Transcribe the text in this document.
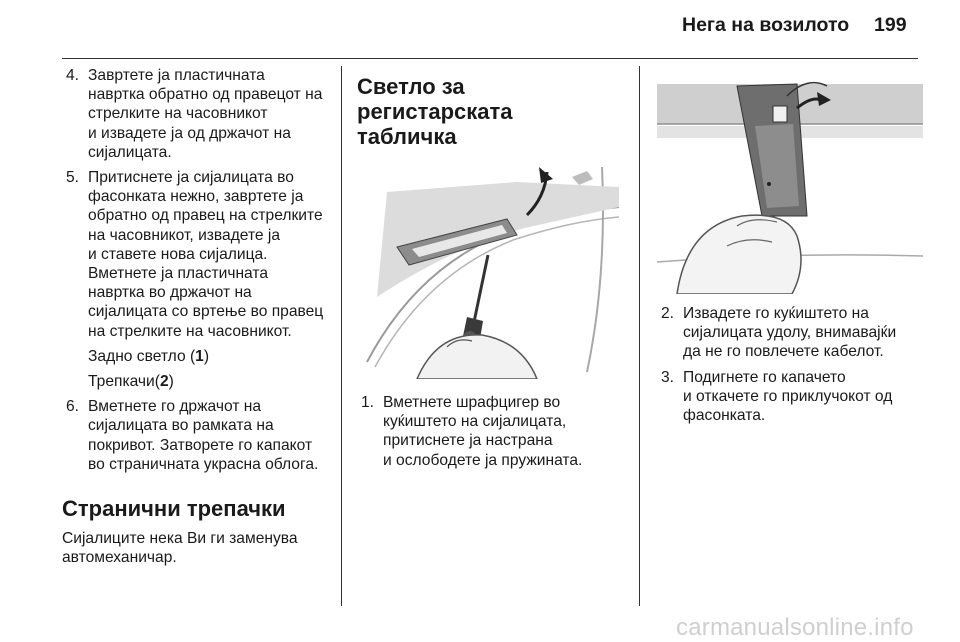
Нега на возилото 199
4. Завртете ја пластичната
наврткa обратно од правецот на
стрелките на часовникот
и извадете ја од држачот на
сијалицата.
5. Притиснете ја сијалицата во
фасонката нежно, завртете ја
обратно од правец на стрелките
на часовникот, извадете ја
и ставете нова сијалица.
Вметнете ја пластичната
наврткa во држачот на
сијалицата со вртење во правец
на стрелките на часовникот.
Задно светло (1)
Трепкачи(2)
6. Вметнете го држачот на
сијалицата во рамката на
покривот. Затворете го капакот
во страничната украсна облога.
Странични трепачки
Сијалиците нека Ви ги заменува
автомеханичар.
Светло за регистарската
табличка
1. Вметнете шрафцигер во
куќиштето на сијалицата,
притиснете ја настрана
и ослободете ја пружината.
2. Извадете го куќиштето на
сијалицата удолу, внимавајќи
да не го повлечете кабелот.
3. Подигнете го капачето
и откачете го приклучокот од
фасонката.
carmanualsonline.info
